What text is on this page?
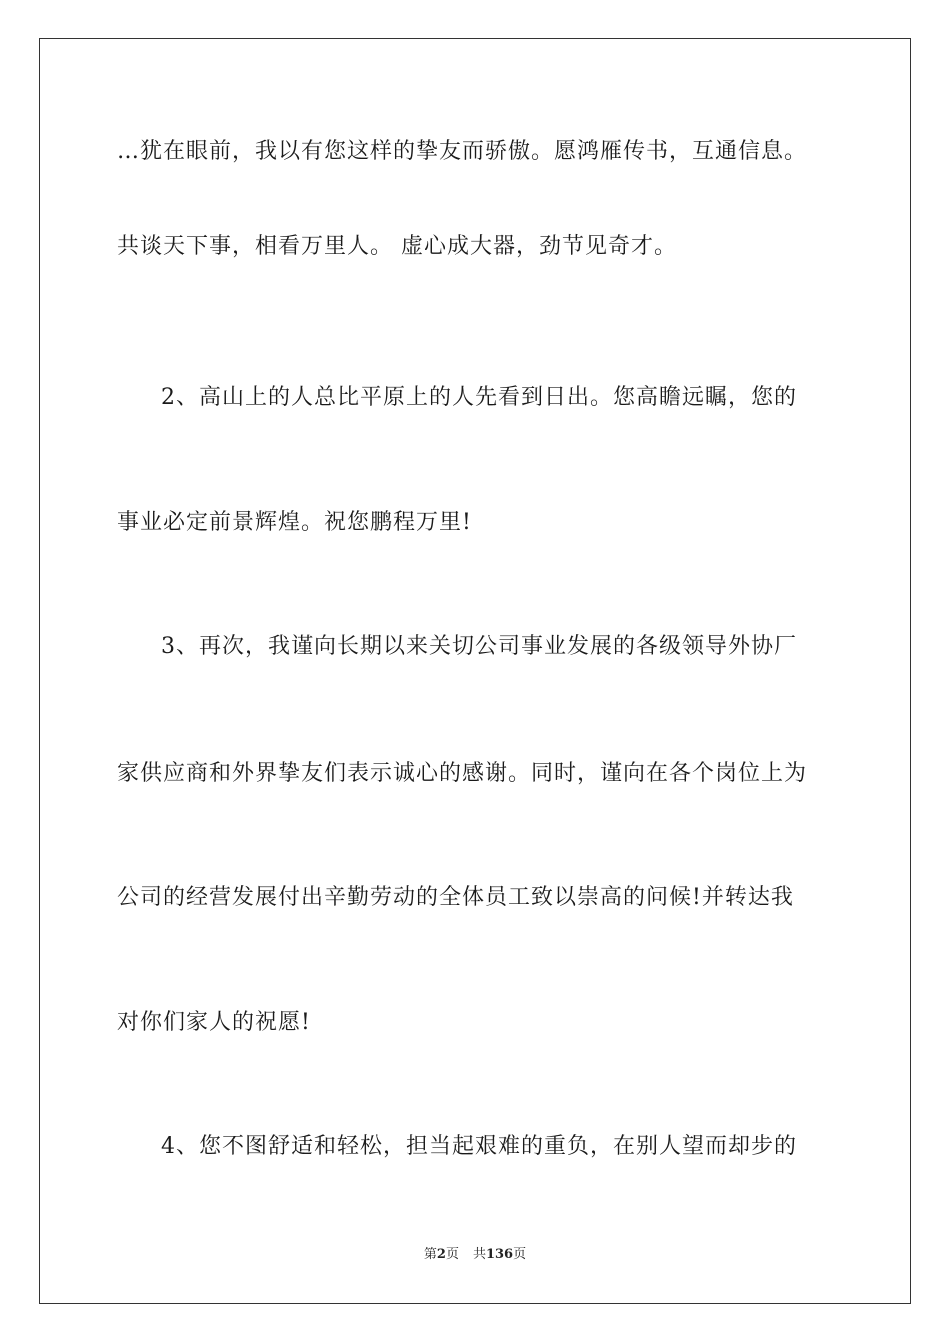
…犹在眼前，我以有您这样的挚友而骄傲。愿鸿雁传书，互通信息。
共谈天下事，相看万里人。 虚心成大器，劲节见奇才。
2、高山上的人总比平原上的人先看到日出。您高瞻远瞩，您的
事业必定前景辉煌。祝您鹏程万里!
3、再次，我谨向长期以来关切公司事业发展的各级领导外协厂
家供应商和外界挚友们表示诚心的感谢。同时，谨向在各个岗位上为
公司的经营发展付出辛勤劳动的全体员工致以崇高的问候!并转达我
对你们家人的祝愿!
4、您不图舒适和轻松，担当起艰难的重负，在别人望而却步的
第2页 共136页
